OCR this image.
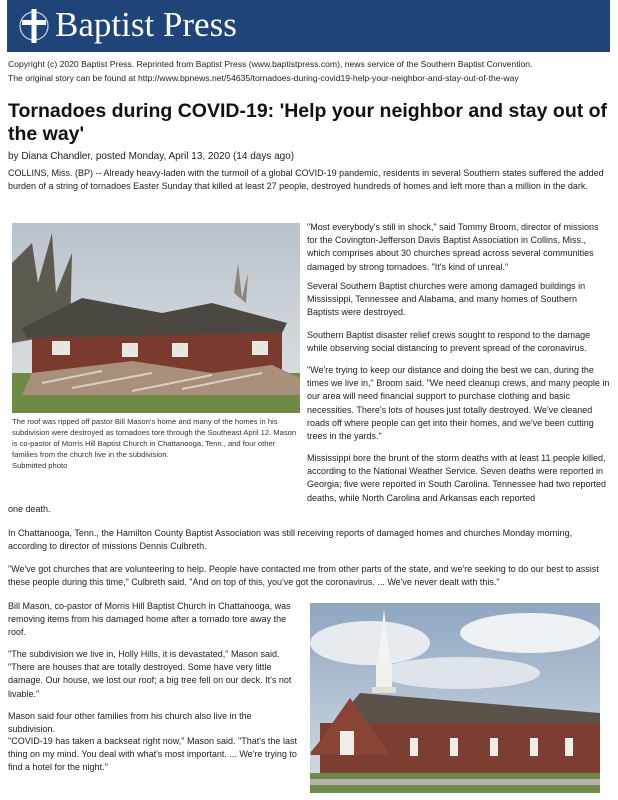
Baptist Press
Copyright (c) 2020 Baptist Press. Reprinted from Baptist Press (www.baptistpress.com), news service of the Southern Baptist Convention.
The original story can be found at http://www.bpnews.net/54635/tornadoes-during-covid19-help-your-neighbor-and-stay-out-of-the-way
Tornadoes during COVID-19: 'Help your neighbor and stay out of the way'
by Diana Chandler, posted Monday, April 13, 2020 (14 days ago)
COLLINS, Miss. (BP) -- Already heavy-laden with the turmoil of a global COVID-19 pandemic, residents in several Southern states suffered the added burden of a string of tornadoes Easter Sunday that killed at least 27 people, destroyed hundreds of homes and left more than a million in the dark.
The roof was ripped off pastor Bill Mason's home and many of the homes in his subdivision were destroyed as tornadoes tore through the Southeast April 12. Mason is co-pastor of Morris Hill Baptist Church in Chattanooga, Tenn., and four other families from the church live in the subdivision.
Submitted photo
"Most everybody's still in shock," said Tommy Broom, director of missions for the Covington-Jefferson Davis Baptist Association in Collins, Miss., which comprises about 30 churches spread across several communities damaged by strong tornadoes. "It's kind of unreal."
Several Southern Baptist churches were among damaged buildings in Mississippi, Tennessee and Alabama, and many homes of Southern Baptists were destroyed.
Southern Baptist disaster relief crews sought to respond to the damage while observing social distancing to prevent spread of the coronavirus.
"We're trying to keep our distance and doing the best we can, during the times we live in," Broom said. "We need cleanup crews, and many people in our area will need financial support to purchase clothing and basic necessities. There's lots of houses just totally destroyed. We've cleaned roads off where people can get into their homes, and we've been cutting trees in the yards."
Mississippi bore the brunt of the storm deaths with at least 11 people killed, according to the National Weather Service. Seven deaths were reported in Georgia; five were reported in South Carolina. Tennessee had two reported deaths, while North Carolina and Arkansas each reported
one death.
In Chattanooga, Tenn., the Hamilton County Baptist Association was still receiving reports of damaged homes and churches Monday morning, according to director of missions Dennis Culbreth.
"We've got churches that are volunteering to help. People have contacted me from other parts of the state, and we're seeking to do our best to assist these people during this time," Culbreth said. "And on top of this, you've got the coronavirus. ... We've never dealt with this."
Bill Mason, co-pastor of Morris Hill Baptist Church in Chattanooga, was removing items from his damaged home after a tornado tore away the roof.
"The subdivision we live in, Holly Hills, it is devastated," Mason said. "There are houses that are totally destroyed. Some have very little damage. Our house, we lost our roof; a big tree fell on our deck. It's not livable."
Mason said four other families from his church also live in the subdivision.
"COVID-19 has taken a backseat right now," Mason said. "That's the last thing on my mind. You deal with what's most important. ... We're trying to find a hotel for the night."
